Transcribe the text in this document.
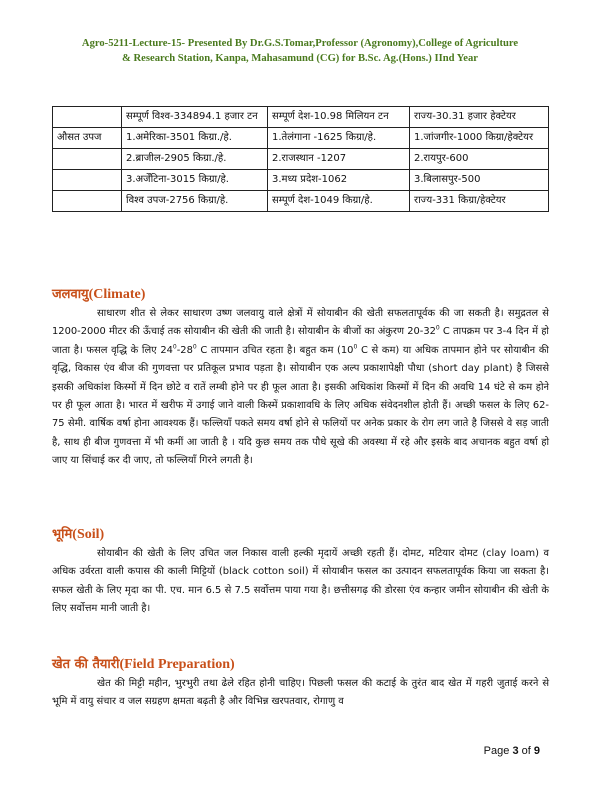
Agro-5211-Lecture-15- Presented By Dr.G.S.Tomar,Professor (Agronomy),College of Agriculture
& Research Station, Kanpa, Mahasamund (CG) for B.Sc. Ag.(Hons.) IInd Year
	सम्पूर्ण विश्व-334894.1 हजार टन	सम्पूर्ण देश-10.98 मिलियन टन	राज्य-30.31 हजार हेक्टेयर
औसत उपज	1.अमेरिका-3501 किग्रा./हे.	1.तेलंगाना -1625 किग्रा/हे.	1.जांजगीर-1000 किग्रा/हेक्टेयर
	2.ब्राजील-2905 किग्रा./हे.	2.राजस्थान -1207	2.रायपुर-600
	3.अर्जेंटिना-3015 किग्रा/हे.	3.मध्य प्रदेश-1062	3.बिलासपुर-500
	विश्व उपज-2756 किग्रा/हे.	सम्पूर्ण देश-1049 किग्रा/हे.	राज्य-331 किग्रा/हेक्टेयर
जलवायु(Climate)
साधारण शीत से लेकर साधारण उष्ण जलवायु वाले क्षेत्रों में सोयाबीन की खेती सफलतापूर्वक की जा सकती है। समुद्रतल से 1200-2000 मीटर की ऊँचाई तक सोयाबीन की खेती की जाती है। सोयाबीन के बीजों का अंकुरण $20-32^0$ C तापक्रम पर 3-4 दिन में हो जाता है। फसल वृद्धि के लिए $24^0-28^0$ C तापमान उचित रहता है। बहुत कम ($10^0$ C से कम) या अधिक तापमान होने पर सोयाबीन की वृद्धि, विकास एंव बीज की गुणवत्ता पर प्रतिकूल प्रभाव पड़ता है। सोयाबीन एक अल्प प्रकाशापेक्षी पौधा (short day plant) है जिससे इसकी अधिकांश किस्मों में दिन छोटे व रातें लम्बी होने पर ही फूल आता है। इसकी अधिकांश किस्मों में दिन की अवधि 14 घंटे से कम होने पर ही फूल आता है। भारत में खरीफ में उगाई जाने वाली किस्में प्रकाशावधि के लिए अधिक संवेदनशील होती हैं। अच्छी फसल के लिए 62-75 सेमी. वार्षिक वर्षा होना आवश्यक हैं। फल्लियाँ पकते समय वर्षा होने से फलियों पर अनेक प्रकार के रोग लग जाते है जिससे वे सड़ जाती है, साथ ही बीज गुणवत्ता में भी कमीं आ जाती है । यदि कुछ समय तक पौधे सूखे की अवस्था में रहे और इसके बाद अचानक बहुत वर्षा हो जाए या सिंचाई कर दी जाए, तो फल्लियाँ गिरने लगती है।
भूमि(Soil)
सोयाबीन की खेती के लिए उचित जल निकास वाली हल्की मृदायें अच्छी रहती हैं। दोमट, मटियार दोमट (clay loam) व अधिक उर्वरता वाली कपास की काली मिट्टियों (black cotton soil) में सोयाबीन फसल का उत्पादन सफलतापूर्वक किया जा सकता है। सफल खेती के लिए मृदा का पी. एच. मान 6.5 से 7.5 सर्वोत्तम पाया गया है। छत्तीसगढ़ की डोरसा एंव कन्हार जमीन सोयाबीन की खेती के लिए सर्वोत्तम मानी जाती है।
खेत की तैयारी(Field Preparation)
खेत की मिट्टी महीन, भुरभुरी तथा ढेले रहित होनी चाहिए। पिछली फसल की कटाई के तुरंत बाद खेत में गहरी जुताई करने से भूमि में वायु संचार व जल सग्रहण क्षमता बढ़ती है और विभिन्न खरपतवार, रोगाणु व
Page 3 of 9
